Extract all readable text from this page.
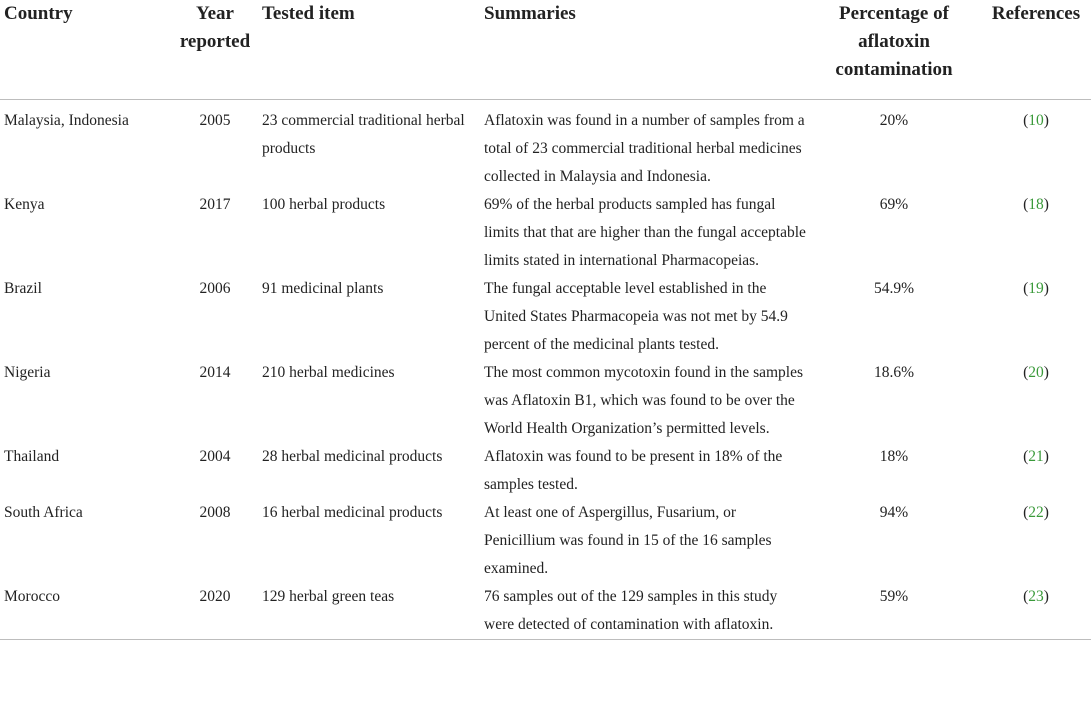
Country	Year reported	Tested item	Summaries	Percentage of aflatoxin contamination	References
Malaysia, Indonesia	2005	23 commercial traditional herbal products	Aflatoxin was found in a number of samples from a total of 23 commercial traditional herbal medicines collected in Malaysia and Indonesia.	20%	(10)
Kenya	2017	100 herbal products	69% of the herbal products sampled has fungal limits that that are higher than the fungal acceptable limits stated in international Pharmacopeias.	69%	(18)
Brazil	2006	91 medicinal plants	The fungal acceptable level established in the United States Pharmacopeia was not met by 54.9 percent of the medicinal plants tested.	54.9%	(19)
Nigeria	2014	210 herbal medicines	The most common mycotoxin found in the samples was Aflatoxin B1, which was found to be over the World Health Organization’s permitted levels.	18.6%	(20)
Thailand	2004	28 herbal medicinal products	Aflatoxin was found to be present in 18% of the samples tested.	18%	(21)
South Africa	2008	16 herbal medicinal products	At least one of Aspergillus, Fusarium, or Penicillium was found in 15 of the 16 samples examined.	94%	(22)
Morocco	2020	129 herbal green teas	76 samples out of the 129 samples in this study were detected of contamination with aflatoxin.	59%	(23)
